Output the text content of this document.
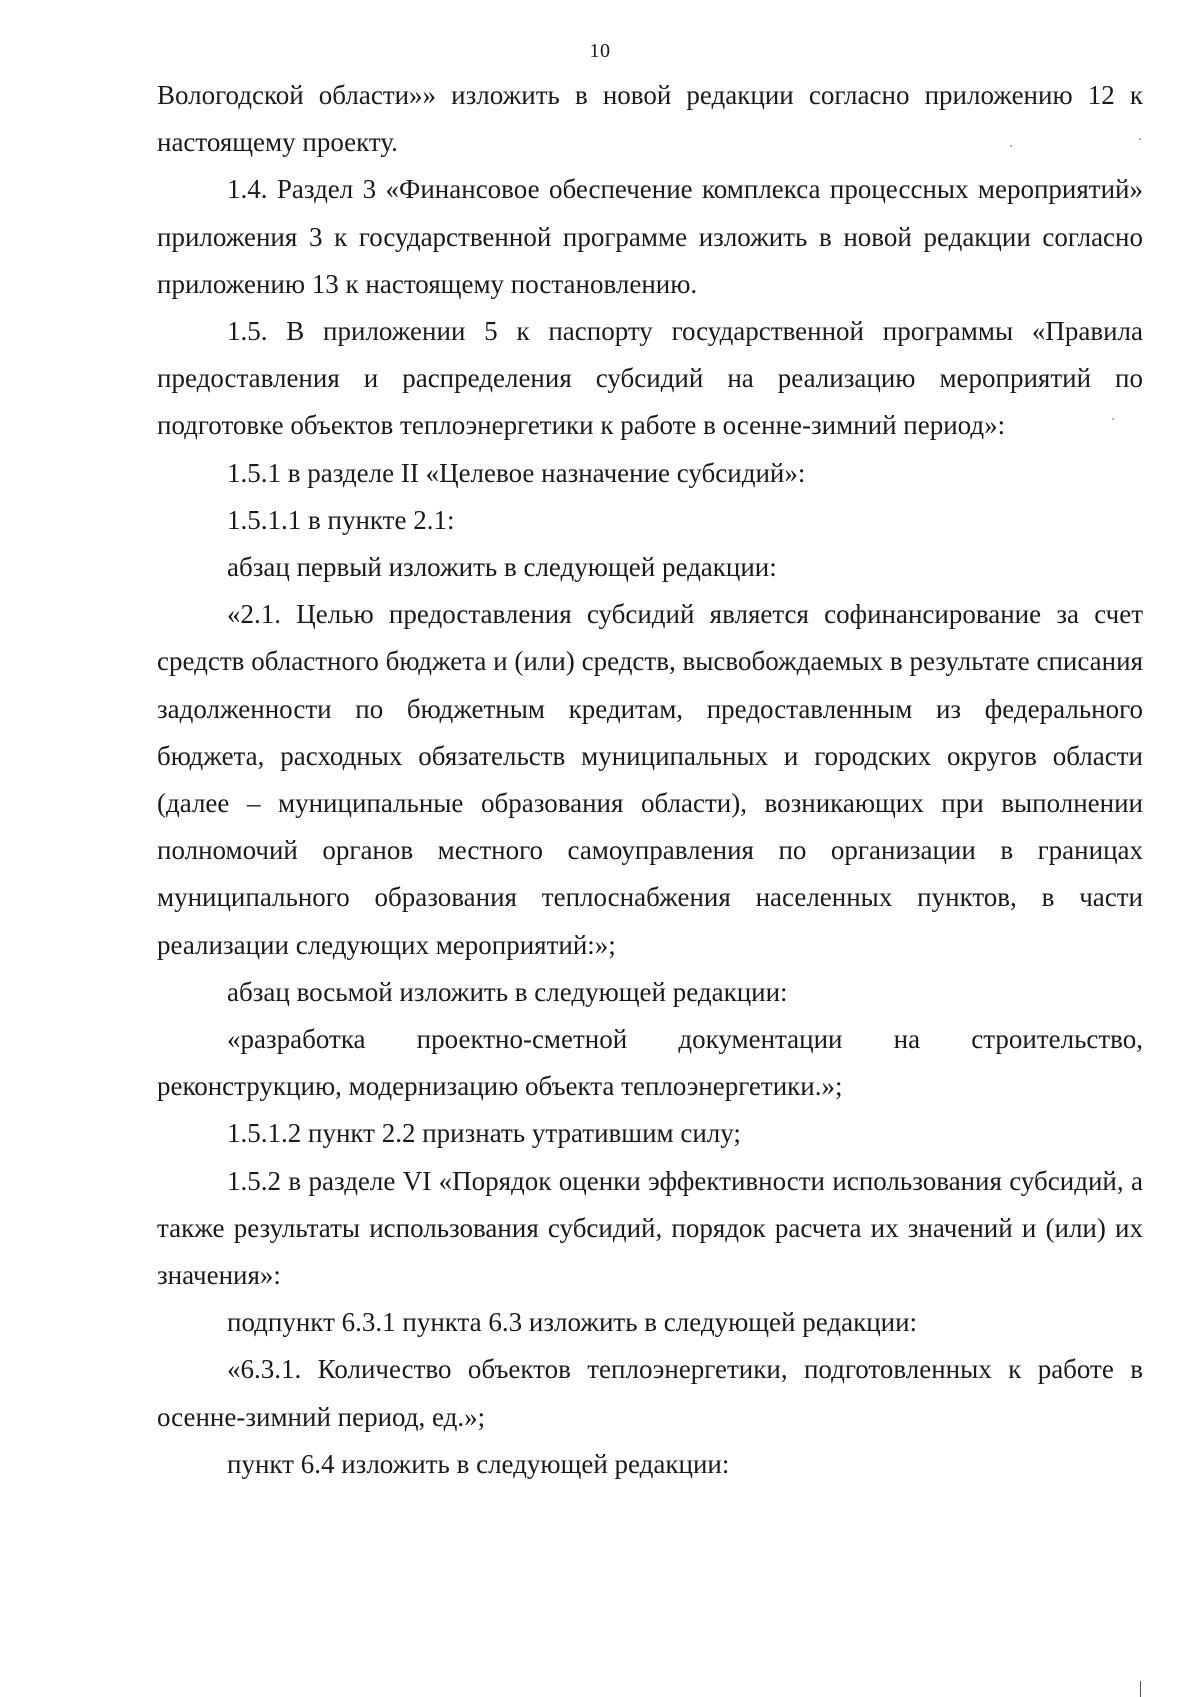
10

Вологодской области»» изложить в новой редакции согласно приложению 12 к настоящему проекту.

1.4. Раздел 3 «Финансовое обеспечение комплекса процессных мероприятий» приложения 3 к государственной программе изложить в новой редакции согласно приложению 13 к настоящему постановлению.

1.5. В приложении 5 к паспорту государственной программы «Правила предоставления и распределения субсидий на реализацию мероприятий по подготовке объектов теплоэнергетики к работе в осенне-зимний период»:

1.5.1 в разделе II «Целевое назначение субсидий»:

1.5.1.1 в пункте 2.1:

абзац первый изложить в следующей редакции:

«2.1. Целью предоставления субсидий является софинансирование за счет средств областного бюджета и (или) средств, высвобождаемых в результате списания задолженности по бюджетным кредитам, предоставленным из федерального бюджета, расходных обязательств муниципальных и городских округов области (далее – муниципальные образования области), возникающих при выполнении полномочий органов местного самоуправления по организации в границах муниципального образования теплоснабжения населенных пунктов, в части реализации следующих мероприятий:»;

абзац восьмой изложить в следующей редакции:

«разработка проектно-сметной документации на строительство, реконструкцию, модернизацию объекта теплоэнергетики.»;

1.5.1.2 пункт 2.2 признать утратившим силу;

1.5.2 в разделе VI «Порядок оценки эффективности использования субсидий, а также результаты использования субсидий, порядок расчета их значений и (или) их значения»:

подпункт 6.3.1 пункта 6.3 изложить в следующей редакции:

«6.3.1. Количество объектов теплоэнергетики, подготовленных к работе в осенне-зимний период, ед.»;

пункт 6.4 изложить в следующей редакции:
